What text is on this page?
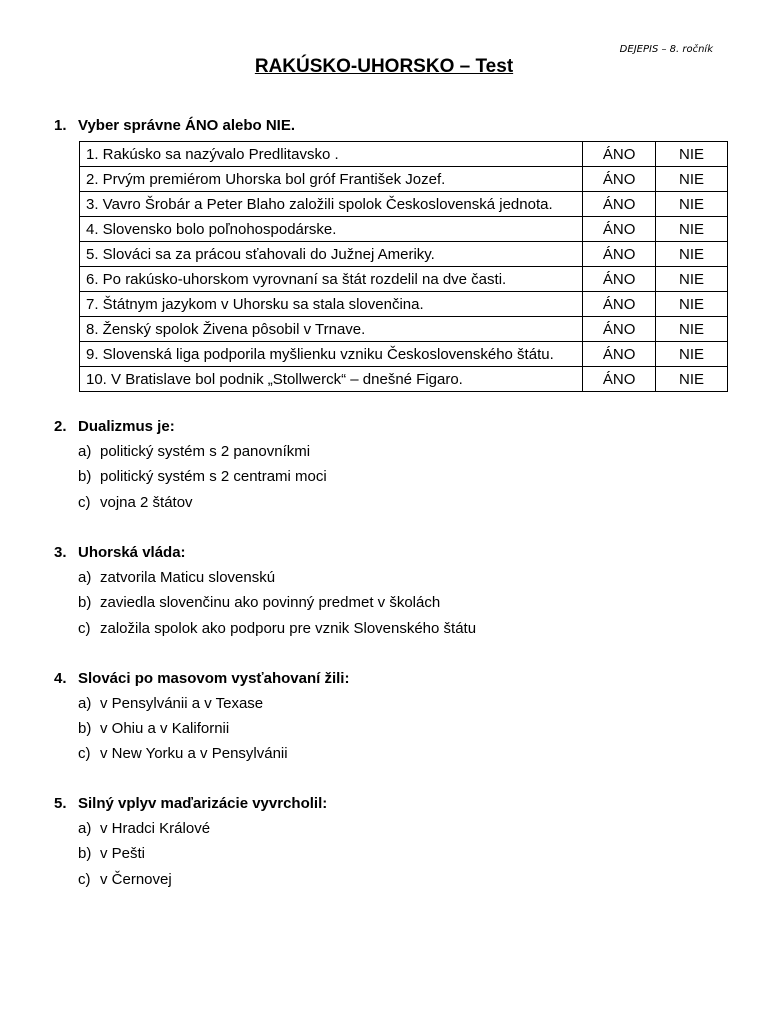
DEJEPIS – 8. ročník
RAKÚSKO-UHORSKO – Test
1. Vyber správne ÁNO alebo NIE.
1. Rakúsko sa nazývalo Predlitavsko .	ÁNO	NIE
2. Prvým premiérom Uhorska bol gróf František Jozef.	ÁNO	NIE
3. Vavro Šrobár a Peter Blaho založili spolok Československá jednota.	ÁNO	NIE
4. Slovensko bolo poľnohospodárske.	ÁNO	NIE
5. Slováci sa za prácou sťahovali do Južnej Ameriky.	ÁNO	NIE
6. Po rakúsko-uhorskom vyrovnaní sa štát rozdelil na dve časti.	ÁNO	NIE
7. Štátnym jazykom v Uhorsku sa stala slovenčina.	ÁNO	NIE
8. Ženský spolok Živena pôsobil v Trnave.	ÁNO	NIE
9. Slovenská liga podporila myšlienku vzniku Československého štátu.	ÁNO	NIE
10. V Bratislave bol podnik „Stollwerck“ – dnešné Figaro.	ÁNO	NIE
2. Dualizmus je:
a) politický systém s 2 panovníkmi
b) politický systém s 2 centrami moci
c) vojna 2 štátov
3. Uhorská vláda:
a) zatvorila Maticu slovenskú
b) zaviedla slovenčinu ako povinný predmet v školách
c) založila spolok ako podporu pre vznik Slovenského štátu
4. Slováci po masovom vysťahovaní žili:
a) v Pensylvánii a v Texase
b) v Ohiu a v Kalifornii
c) v New Yorku a v Pensylvánii
5. Silný vplyv maďarizácie vyvrcholil:
a) v Hradci Králové
b) v Pešti
c) v Černovej
